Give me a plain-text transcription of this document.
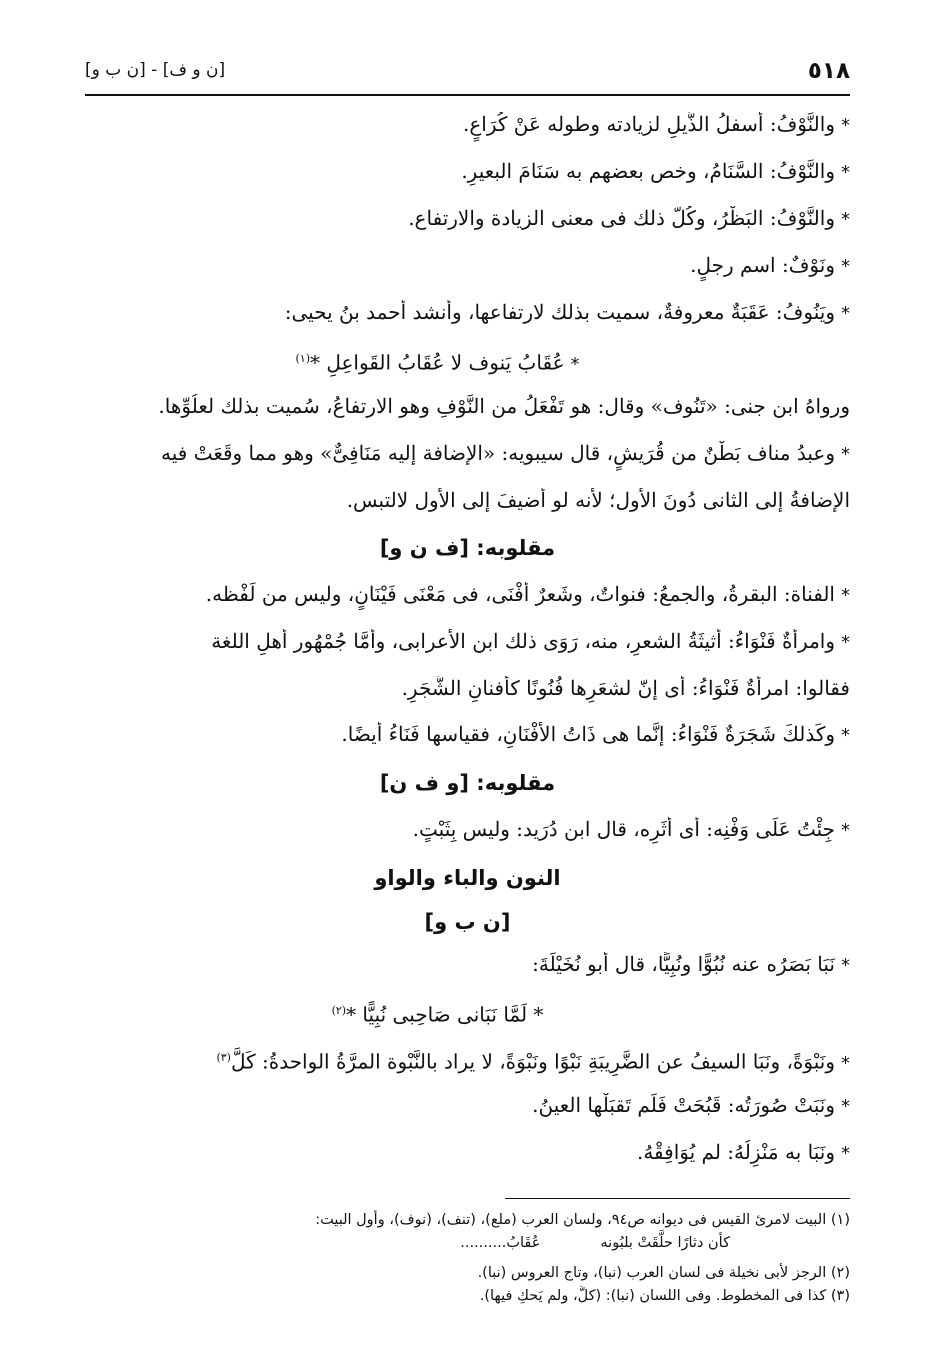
٥١٨
[ن و ف] - [ن ب و]
*والنَّوْفُ: أسفلُ الذَّيلِ لزيادته وطوله عَنْ كُرَاعٍ.
*والنَّوْفُ: السَّنَامُ، وخص بعضهم به سَنَامَ البعيرِ.
*والنَّوْفُ: البَظْرُ، وكُلٌّ ذلك فى معنى الزيادة والارتفاع.
*ونَوْفٌ: اسم رجلٍ.
*ويَنُوفُ: عَقَبَةٌ معروفةٌ، سميت بذلك لارتفاعها، وأنشد أحمد بنُ يحيى:
*عُقَابُ يَنوف لا عُقَابُ القَواعِلِ *$^{(١)}$
ورواهُ ابن جنى: «تَنُوف» وقال: هو تَفْعَلُ من النَّوْفِ وهو الارتفاعُ، سُميت بذلك لعلُوِّها.
*وعبدُ مناف بَطْنٌ من قُرَيشٍ، قال سيبويه: «الإضافة إليه مَنَافِىٌّ» وهو مما وقَعَتْ فيه
الإضافةُ إلى الثانى دُونَ الأول؛ لأنه لو أُضيفَ إلى الأول لالتبس.
مقلوبه: [ف ن و]
*الفناة: البقرةُ، والجمعُ: فنواتٌ، وشَعرٌ أَفْنَى، فى مَعْنَى فَيْنَانٍ، وليس من لَفْظه.
*وامرأةٌ فَنْوَاءُ: أثيثَةُ الشعرِ، منه، رَوَى ذلك ابن الأعرابى، وأمَّا جُمْهُور أهلِ اللغة
فقالوا: امرأةٌ فَنْوَاءُ: أى إنّ لشعَرِها فُنُونًا كأفنانِ الشَّجَرِ.
*وكَذلكَ شَجَرَةٌ فَنْوَاءُ: إنَّما هى ذَاتُ الأَفْنَانِ، فقياسها فَنَاءُ أيضًا.
مقلوبه: [و ف ن]
*جِئْتُ عَلَى وَفْنِه: أى أثَرِه، قال ابن دُرَيد: وليس بِثَبْتٍ.
النون والباء والواو
[ن ب و]
*نَبَا بَصَرُه عنه نُبُوًّا ونُبِيًّا، قال أبو نُخَيْلَةَ:
* لَمَّا نَبَانى صَاحِبى نُبِيًّا *$^{(٢)}$
*ونَبْوَةً، ونَبَا السيفُ عن الضَّرِيبَةِ نَبْوًا ونَبْوَةً، لا يراد بالنَّبْوة المرَّةُ الواحدةُ: كَلَّ$^{(٣)}$
*ونَبَتْ صُورَتُه: قَبُحَتْ فَلَم تَقبَلْها العينُ.
*ونَبَا به مَنْزِلُهُ: لم يُوَافِقْهُ.
(١) البيت لامرئ القيس فى ديوانه ص٩٤، ولسان العرب (ملع)، (تنف)، (نوف)، وأول البيت:
كأن دثارًا حلَّقَتْ بلبُونهعُقَابُ..........
(٢) الرجز لأبى نخيلة فى لسان العرب (نبا)، وتاج العروس (نبا).
(٣) كذا فى المخطوط. وفى اللسان (نبا): (كلَّ، ولم يَحكِ فيها).
